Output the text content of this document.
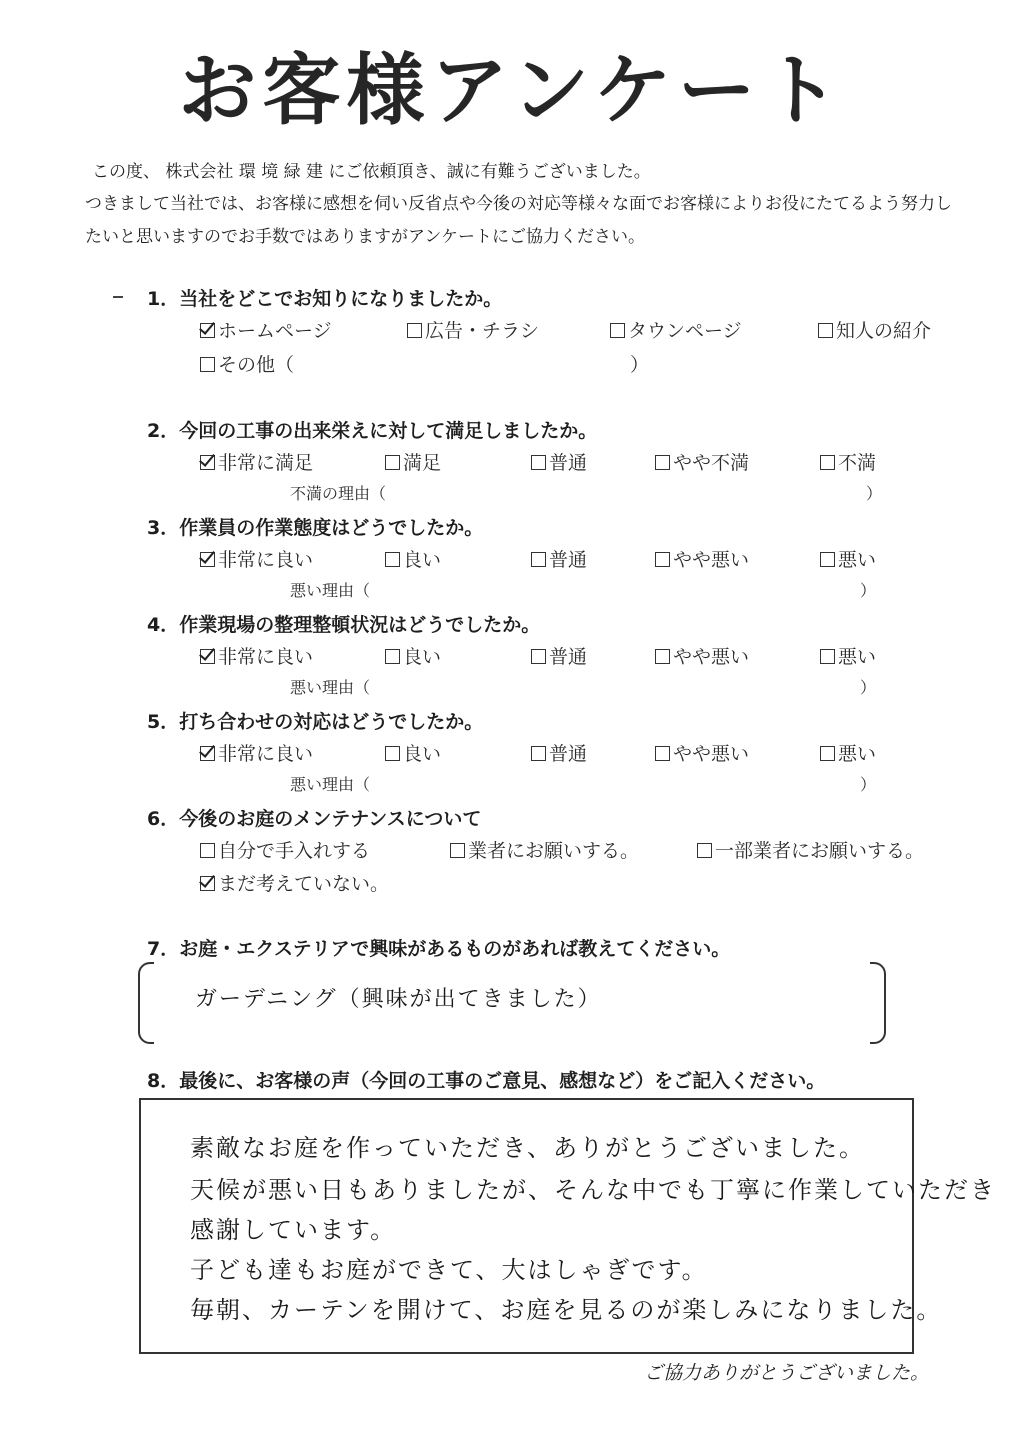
お客様アンケート
この度、 株式会社 環 境 緑 建 にご依頼頂き、誠に有難うございました。
つきまして当社では、お客様に感想を伺い反省点や今後の対応等様々な面でお客様によりお役にたてるよう努力し
たいと思いますのでお手数ではありますがアンケートにご協力ください。
1．当社をどこでお知りになりましたか。
ホームページ	広告・チラシ	タウンページ	知人の紹介
その他（	）
2．今回の工事の出来栄えに対して満足しましたか。
非常に満足	満足	普通	やや不満	不満
不満の理由（	）
3．作業員の作業態度はどうでしたか。
非常に良い	良い	普通	やや悪い	悪い
悪い理由（	）
4．作業現場の整理整頓状況はどうでしたか。
非常に良い	良い	普通	やや悪い	悪い
悪い理由（	）
5．打ち合わせの対応はどうでしたか。
非常に良い	良い	普通	やや悪い	悪い
悪い理由（	）
6．今後のお庭のメンテナンスについて
自分で手入れする	業者にお願いする。	一部業者にお願いする。
まだ考えていない。
7．お庭・エクステリアで興味があるものがあれば教えてください。
ガーデニング（興味が出てきました）
8．最後に、お客様の声（今回の工事のご意見、感想など）をご記入ください。
素敵なお庭を作っていただき、ありがとうございました。
天候が悪い日もありましたが、そんな中でも丁寧に作業していただき
感謝しています。
子ども達もお庭ができて、大はしゃぎです。
毎朝、カーテンを開けて、お庭を見るのが楽しみになりました。
ご協力ありがとうございました。
